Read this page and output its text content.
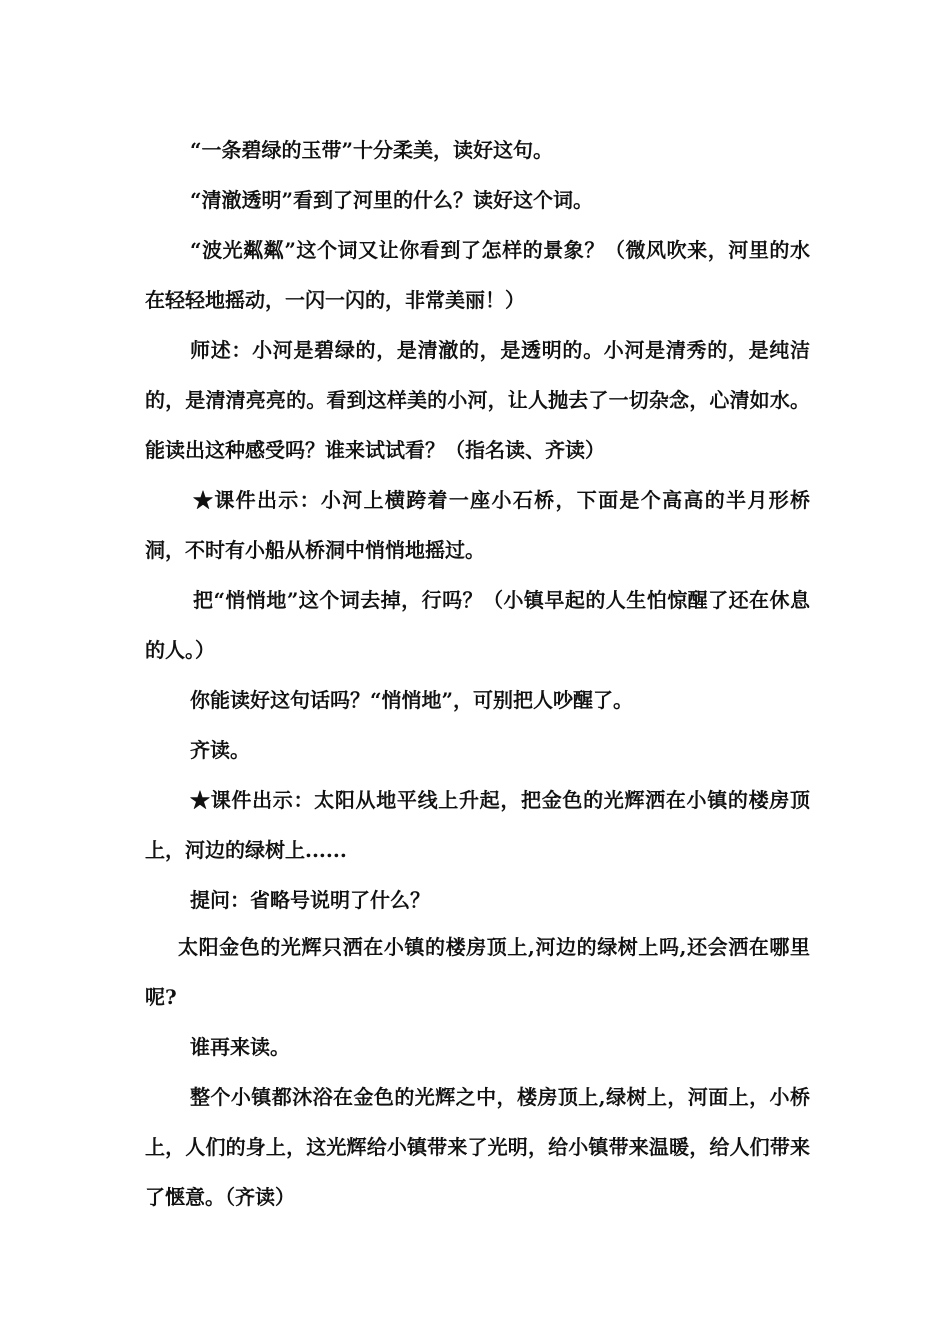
“一条碧绿的玉带”十分柔美，读好这句。

“清澈透明”看到了河里的什么？读好这个词。

“波光粼粼”这个词又让你看到了怎样的景象？（微风吹来，河里的水在轻轻地摇动，一闪一闪的，非常美丽！）

师述：小河是碧绿的，是清澈的，是透明的。小河是清秀的，是纯洁的，是清清亮亮的。看到这样美的小河，让人抛去了一切杂念，心清如水。能读出这种感受吗？谁来试试看？（指名读、齐读）

★课件出示：小河上横跨着一座小石桥，下面是个高高的半月形桥洞，不时有小船从桥洞中悄悄地摇过。

把“悄悄地”这个词去掉，行吗？（小镇早起的人生怕惊醒了还在休息的人。）

你能读好这句话吗？“悄悄地”，可别把人吵醒了。

齐读。

★课件出示：太阳从地平线上升起，把金色的光辉洒在小镇的楼房顶上，河边的绿树上......

提问：省略号说明了什么？

太阳金色的光辉只洒在小镇的楼房顶上,河边的绿树上吗,还会洒在哪里呢?

谁再来读。

整个小镇都沐浴在金色的光辉之中，楼房顶上,绿树上，河面上，小桥上，人们的身上，这光辉给小镇带来了光明，给小镇带来温暖，给人们带来了惬意。（齐读）
